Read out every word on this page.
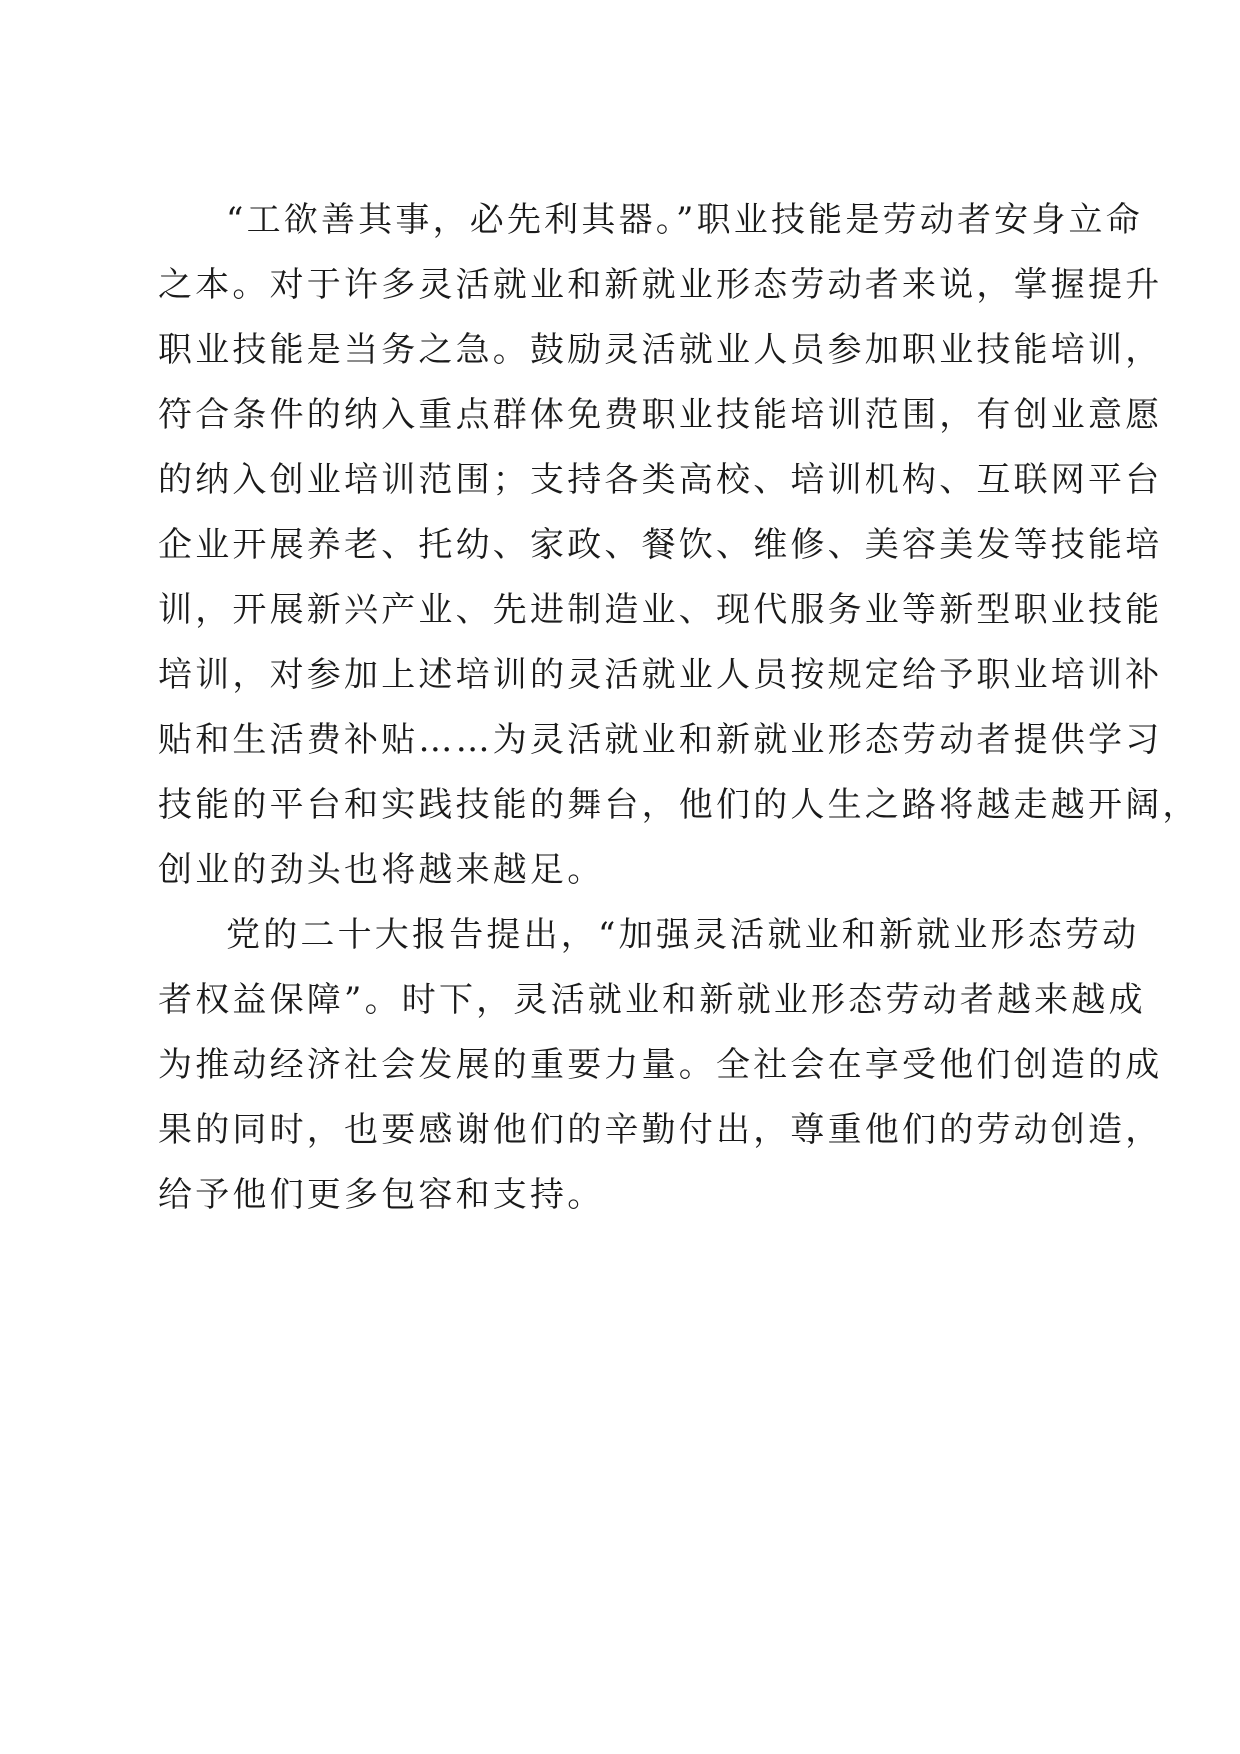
“工欲善其事，必先利其器。”职业技能是劳动者安身立命
之本。对于许多灵活就业和新就业形态劳动者来说，掌握提升
职业技能是当务之急。鼓励灵活就业人员参加职业技能培训，
符合条件的纳入重点群体免费职业技能培训范围，有创业意愿
的纳入创业培训范围；支持各类高校、培训机构、互联网平台
企业开展养老、托幼、家政、餐饮、维修、美容美发等技能培
训，开展新兴产业、先进制造业、现代服务业等新型职业技能
培训，对参加上述培训的灵活就业人员按规定给予职业培训补
贴和生活费补贴……为灵活就业和新就业形态劳动者提供学习
技能的平台和实践技能的舞台，他们的人生之路将越走越开阔，
创业的劲头也将越来越足。
党的二十大报告提出，“加强灵活就业和新就业形态劳动
者权益保障”。时下，灵活就业和新就业形态劳动者越来越成
为推动经济社会发展的重要力量。全社会在享受他们创造的成
果的同时，也要感谢他们的辛勤付出，尊重他们的劳动创造，
给予他们更多包容和支持。
